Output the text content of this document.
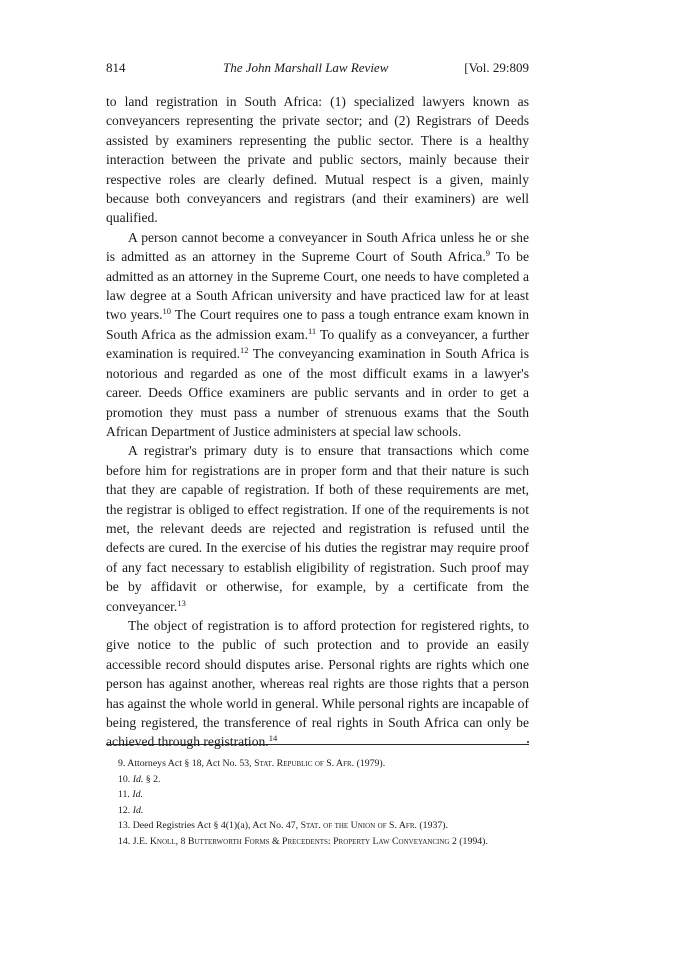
814	The John Marshall Law Review	[Vol. 29:809

to land registration in South Africa: (1) specialized lawyers known as conveyancers representing the private sector; and (2) Registrars of Deeds assisted by examiners representing the public sector. There is a healthy interaction between the private and public sectors, mainly because their respective roles are clearly defined. Mutual respect is a given, mainly because both conveyancers and registrars (and their examiners) are well qualified.

A person cannot become a conveyancer in South Africa unless he or she is admitted as an attorney in the Supreme Court of South Africa.$^9$ To be admitted as an attorney in the Supreme Court, one needs to have completed a law degree at a South African university and have practiced law for at least two years.$^{10}$ The Court requires one to pass a tough entrance exam known in South Africa as the admission exam.$^{11}$ To qualify as a conveyancer, a further examination is required.$^{12}$ The conveyancing examination in South Africa is notorious and regarded as one of the most difficult exams in a lawyer's career. Deeds Office examiners are public servants and in order to get a promotion they must pass a number of strenuous exams that the South African Department of Justice administers at special law schools.

A registrar's primary duty is to ensure that transactions which come before him for registrations are in proper form and that their nature is such that they are capable of registration. If both of these requirements are met, the registrar is obliged to effect registration. If one of the requirements is not met, the relevant deeds are rejected and registration is refused until the defects are cured. In the exercise of his duties the registrar may require proof of any fact necessary to establish eligibility of registration. Such proof may be by affidavit or otherwise, for example, by a certificate from the conveyancer.$^{13}$

The object of registration is to afford protection for registered rights, to give notice to the public of such protection and to provide an easily accessible record should disputes arise. Personal rights are rights which one person has against another, whereas real rights are those rights that a person has against the whole world in general. While personal rights are incapable of being registered, the transference of real rights in South Africa can only be achieved through registration.$^{14}$

9. Attorneys Act § 18, Act No. 53, Stat. Republic of S. Afr. (1979).

10. Id. § 2.

11. Id.

12. Id.

13. Deed Registries Act § 4(1)(a), Act No. 47, Stat. of the Union of S. Afr. (1937).

14. J.E. Knoll, 8 Butterworth Forms & Precedents: Property Law Conveyancing 2 (1994).
